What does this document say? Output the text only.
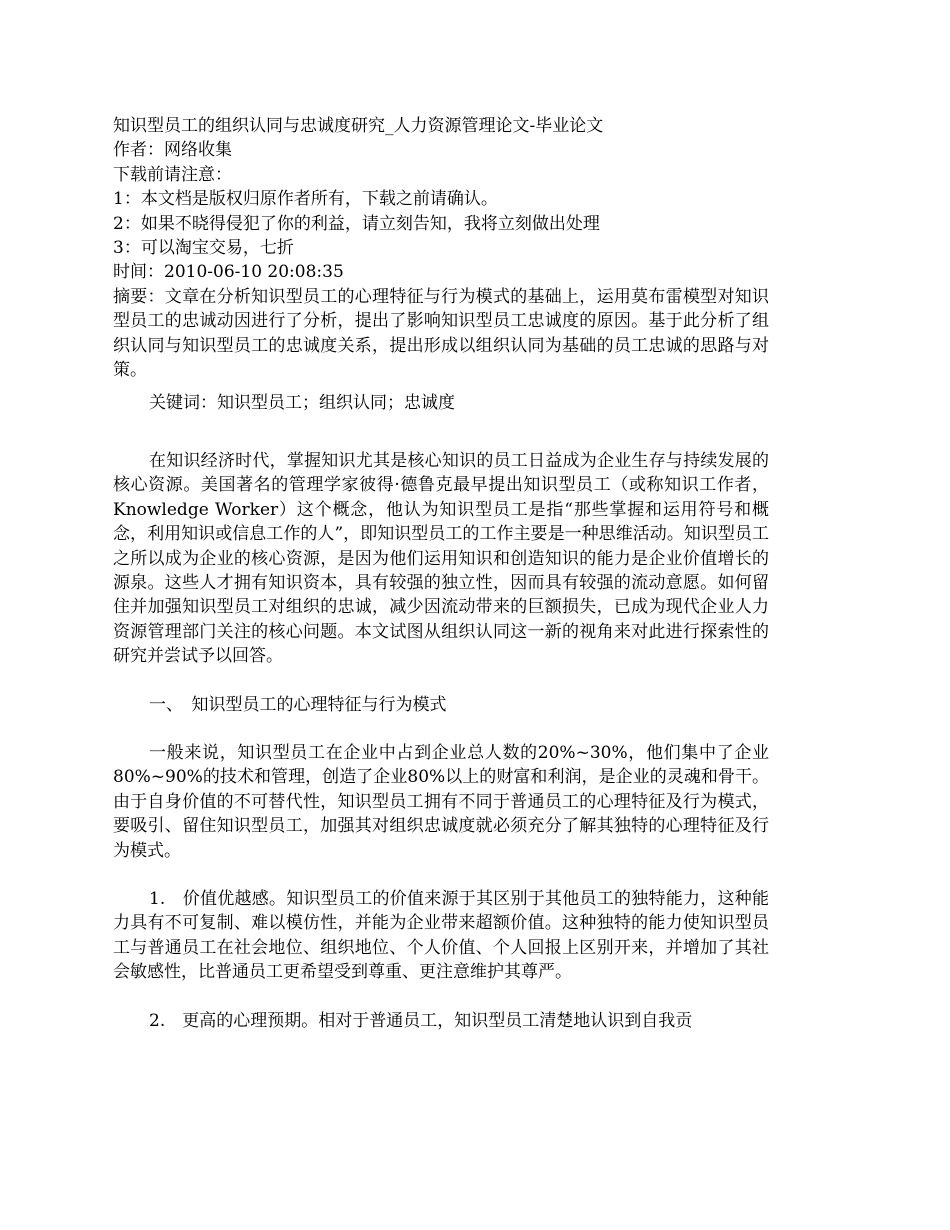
知识型员工的组织认同与忠诚度研究_人力资源管理论文-毕业论文
作者：网络收集
下载前请注意：
1：本文档是版权归原作者所有，下载之前请确认。
2：如果不晓得侵犯了你的利益，请立刻告知，我将立刻做出处理
3：可以淘宝交易，七折
时间：2010-06-10 20:08:35

摘要：文章在分析知识型员工的心理特征与行为模式的基础上，运用莫布雷模型对知识型员工的忠诚动因进行了分析，提出了影响知识型员工忠诚度的原因。基于此分析了组织认同与知识型员工的忠诚度关系，提出形成以组织认同为基础的员工忠诚的思路与对策。

关键词：知识型员工；组织认同；忠诚度

在知识经济时代，掌握知识尤其是核心知识的员工日益成为企业生存与持续发展的核心资源。美国著名的管理学家彼得·德鲁克最早提出知识型员工（或称知识工作者，Knowledge Worker）这个概念，他认为知识型员工是指“那些掌握和运用符号和概念，利用知识或信息工作的人”，即知识型员工的工作主要是一种思维活动。知识型员工之所以成为企业的核心资源，是因为他们运用知识和创造知识的能力是企业价值增长的源泉。这些人才拥有知识资本，具有较强的独立性，因而具有较强的流动意愿。如何留住并加强知识型员工对组织的忠诚，减少因流动带来的巨额损失，已成为现代企业人力资源管理部门关注的核心问题。本文试图从组织认同这一新的视角来对此进行探索性的研究并尝试予以回答。

一、　知识型员工的心理特征与行为模式

一般来说，知识型员工在企业中占到企业总人数的20%~30%，他们集中了企业80%~90%的技术和管理，创造了企业80%以上的财富和利润，是企业的灵魂和骨干。由于自身价值的不可替代性，知识型员工拥有不同于普通员工的心理特征及行为模式，要吸引、留住知识型员工，加强其对组织忠诚度就必须充分了解其独特的心理特征及行为模式。

1.　价值优越感。知识型员工的价值来源于其区别于其他员工的独特能力，这种能力具有不可复制、难以模仿性，并能为企业带来超额价值。这种独特的能力使知识型员工与普通员工在社会地位、组织地位、个人价值、个人回报上区别开来，并增加了其社会敏感性，比普通员工更希望受到尊重、更注意维护其尊严。

2.　更高的心理预期。相对于普通员工，知识型员工清楚地认识到自我贡
